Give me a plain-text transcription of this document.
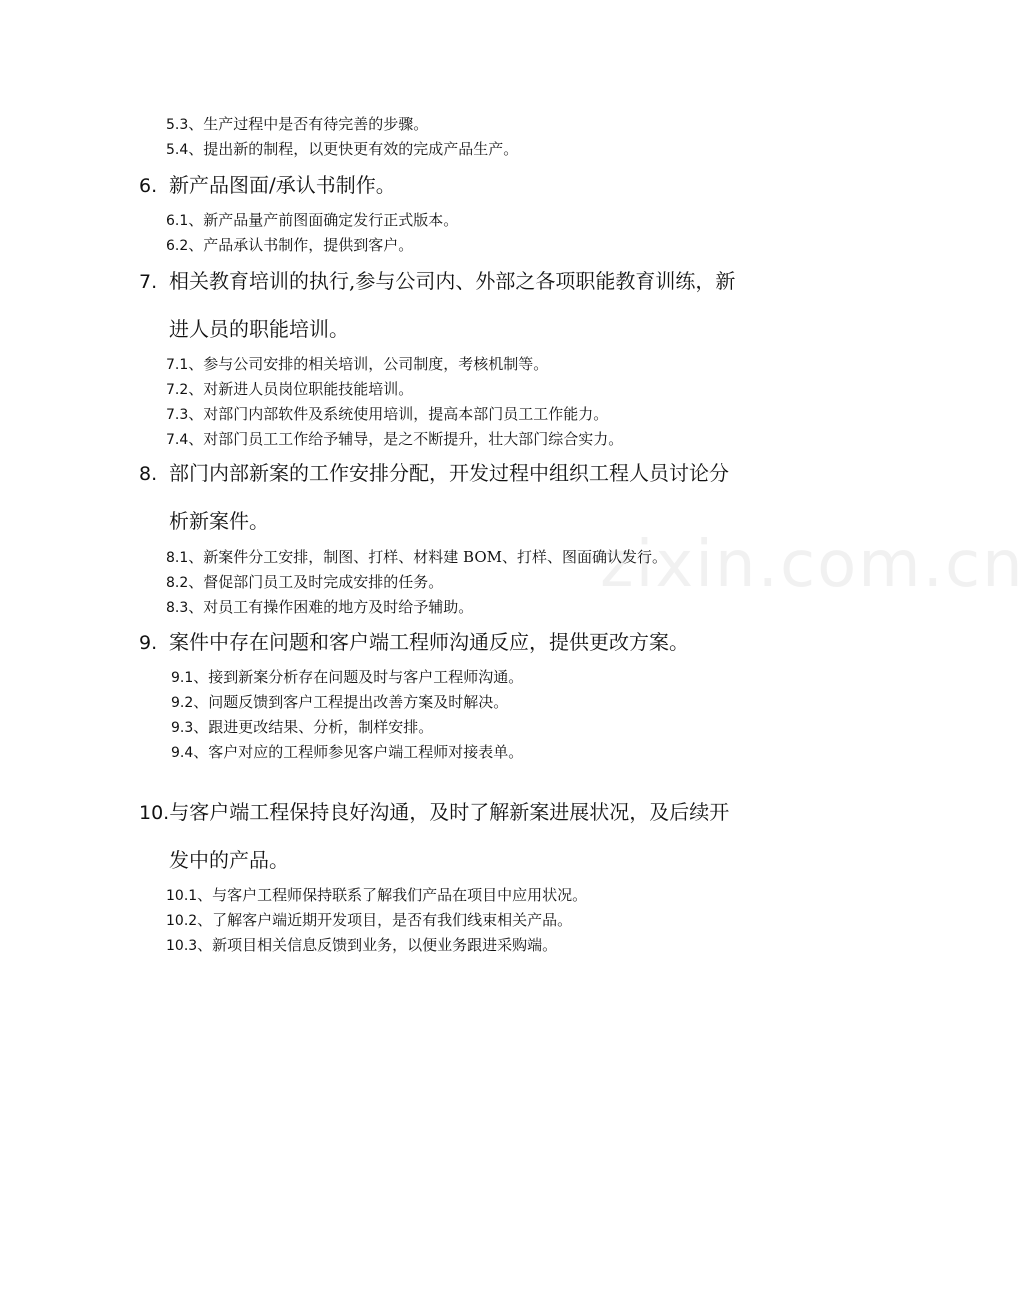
zixin.com.cn
5.3、生产过程中是否有待完善的步骤。
5.4、提出新的制程，以更快更有效的完成产品生产。
6. 新产品图面/承认书制作。
6.1、新产品量产前图面确定发行正式版本。
6.2、产品承认书制作，提供到客户。
7. 相关教育培训的执行,参与公司内、外部之各项职能教育训练，新
进人员的职能培训。
7.1、参与公司安排的相关培训，公司制度，考核机制等。
7.2、对新进人员岗位职能技能培训。
7.3、对部门内部软件及系统使用培训，提高本部门员工工作能力。
7.4、对部门员工工作给予辅导，是之不断提升，壮大部门综合实力。
8. 部门内部新案的工作安排分配，开发过程中组织工程人员讨论分
析新案件。
8.1、新案件分工安排，制图、打样、材料建 BOM、打样、图面确认发行。
8.2、督促部门员工及时完成安排的任务。
8.3、对员工有操作困难的地方及时给予辅助。
9. 案件中存在问题和客户端工程师沟通反应，提供更改方案。
9.1、接到新案分析存在问题及时与客户工程师沟通。
9.2、问题反馈到客户工程提出改善方案及时解决。
9.3、跟进更改结果、分析，制样安排。
9.4、客户对应的工程师参见客户端工程师对接表单。
10.与客户端工程保持良好沟通，及时了解新案进展状况，及后续开
发中的产品。
10.1、与客户工程师保持联系了解我们产品在项目中应用状况。
10.2、了解客户端近期开发项目，是否有我们线束相关产品。
10.3、新项目相关信息反馈到业务，以便业务跟进采购端。
